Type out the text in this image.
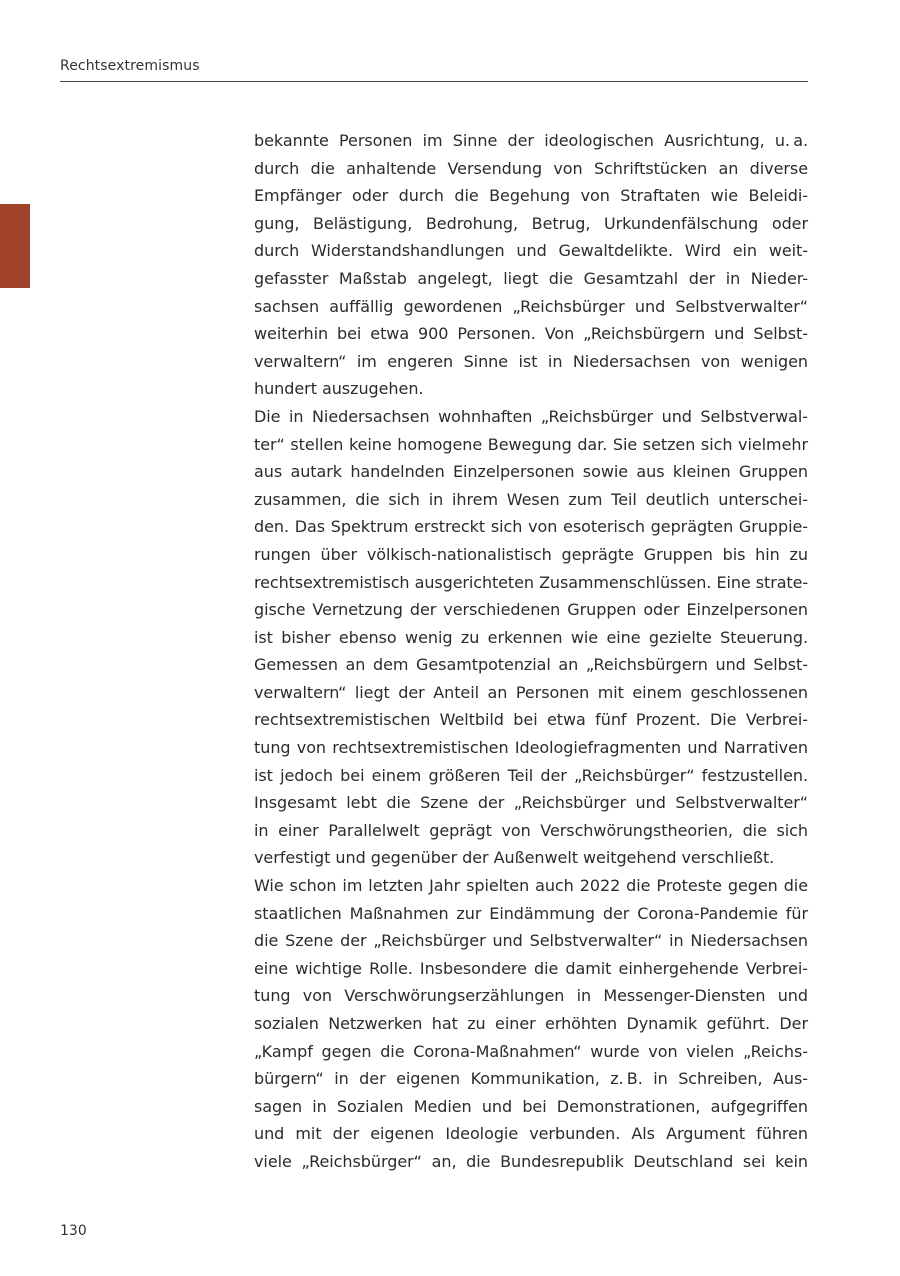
Rechtsextremismus

bekannte Personen im Sinne der ideologischen Ausrichtung, u. a.
durch die anhaltende Versendung von Schriftstücken an diverse
Empfänger oder durch die Begehung von Straftaten wie Beleidi-
gung, Belästigung, Bedrohung, Betrug, Urkundenfälschung oder
durch Widerstandshandlungen und Gewaltdelikte. Wird ein weit-
gefasster Maßstab angelegt, liegt die Gesamtzahl der in Nieder-
sachsen auffällig gewordenen „Reichsbürger und Selbstverwalter“
weiterhin bei etwa 900 Personen. Von „Reichsbürgern und Selbst-
verwaltern“ im engeren Sinne ist in Niedersachsen von wenigen
hundert auszugehen.

Die in Niedersachsen wohnhaften „Reichsbürger und Selbstverwal-
ter“ stellen keine homogene Bewegung dar. Sie setzen sich vielmehr
aus autark handelnden Einzelpersonen sowie aus kleinen Gruppen
zusammen, die sich in ihrem Wesen zum Teil deutlich unterschei-
den. Das Spektrum erstreckt sich von esoterisch geprägten Gruppie-
rungen über völkisch-nationalistisch geprägte Gruppen bis hin zu
rechtsextremistisch ausgerichteten Zusammenschlüssen. Eine strate-
gische Vernetzung der verschiedenen Gruppen oder Einzelpersonen
ist bisher ebenso wenig zu erkennen wie eine gezielte Steuerung.
Gemessen an dem Gesamtpotenzial an „Reichsbürgern und Selbst-
verwaltern“ liegt der Anteil an Personen mit einem geschlossenen
rechtsextremistischen Weltbild bei etwa fünf Prozent. Die Verbrei-
tung von rechtsextremistischen Ideologiefragmenten und Narrativen
ist jedoch bei einem größeren Teil der „Reichsbürger“ festzustellen.
Insgesamt lebt die Szene der „Reichsbürger und Selbstverwalter“
in einer Parallelwelt geprägt von Verschwörungstheorien, die sich
verfestigt und gegenüber der Außenwelt weitgehend verschließt.

Wie schon im letzten Jahr spielten auch 2022 die Proteste gegen die
staatlichen Maßnahmen zur Eindämmung der Corona-Pandemie für
die Szene der „Reichsbürger und Selbstverwalter“ in Niedersachsen
eine wichtige Rolle. Insbesondere die damit einhergehende Verbrei-
tung von Verschwörungserzählungen in Messenger-Diensten und
sozialen Netzwerken hat zu einer erhöhten Dynamik geführt. Der
„Kampf gegen die Corona-Maßnahmen“ wurde von vielen „Reichs-
bürgern“ in der eigenen Kommunikation, z. B. in Schreiben, Aus-
sagen in Sozialen Medien und bei Demonstrationen, aufgegriffen
und mit der eigenen Ideologie verbunden. Als Argument führen
viele „Reichsbürger“ an, die Bundesrepublik Deutschland sei kein

130
